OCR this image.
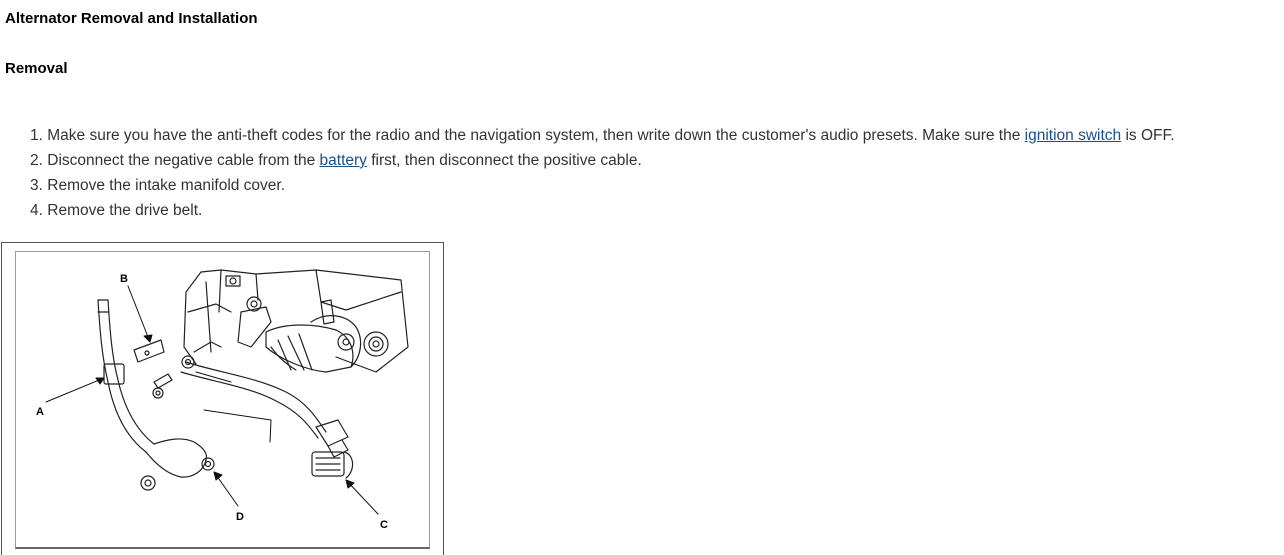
Alternator Removal and Installation
Removal
1. Make sure you have the anti-theft codes for the radio and the navigation system, then write down the customer's audio presets. Make sure the ignition switch is OFF.
2. Disconnect the negative cable from the battery first, then disconnect the positive cable.
3. Remove the intake manifold cover.
4. Remove the drive belt.
A
B
C
D
